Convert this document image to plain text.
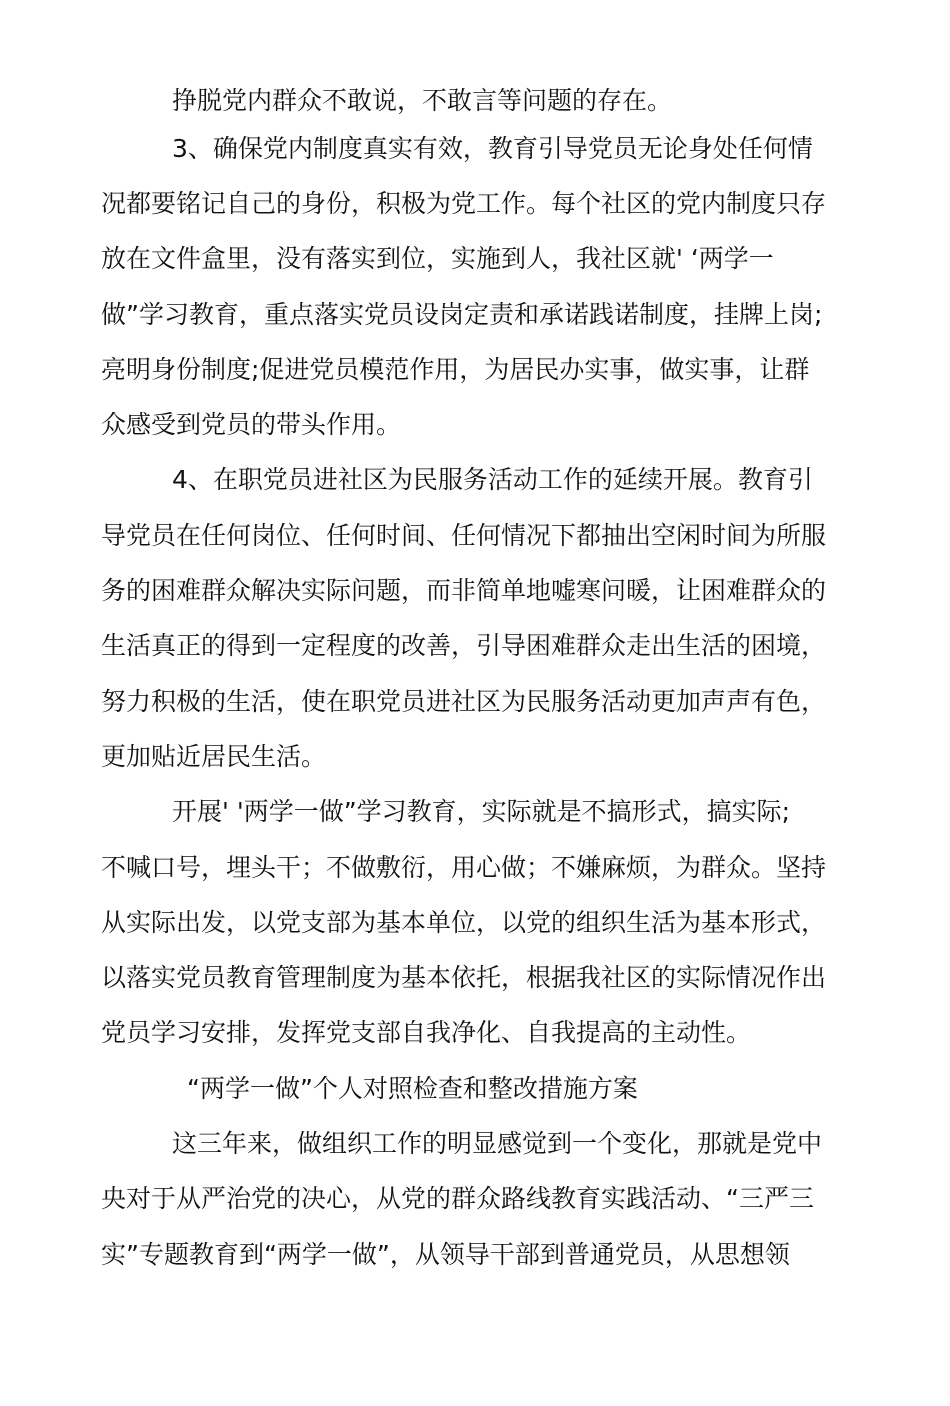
挣脱党内群众不敢说，不敢言等问题的存在。
3、确保党内制度真实有效，教育引导党员无论身处任何情
况都要铭记自己的身份，积极为党工作。每个社区的党内制度只存
放在文件盒里，没有落实到位，实施到人，我社区就' ‘两学一
做”学习教育，重点落实党员设岗定责和承诺践诺制度，挂牌上岗;
亮明身份制度;促进党员模范作用，为居民办实事，做实事，让群
众感受到党员的带头作用。
4、在职党员进社区为民服务活动工作的延续开展。教育引
导党员在任何岗位、任何时间、任何情况下都抽出空闲时间为所服
务的困难群众解决实际问题，而非简单地嘘寒问暖，让困难群众的
生活真正的得到一定程度的改善，引导困难群众走出生活的困境，
努力积极的生活，使在职党员进社区为民服务活动更加声声有色，
更加贴近居民生活。
开展' '两学一做”学习教育，实际就是不搞形式，搞实际;
不喊口号，埋头干；不做敷衍，用心做；不嫌麻烦，为群众。坚持
从实际出发，以党支部为基本单位，以党的组织生活为基本形式，
以落实党员教育管理制度为基本依托，根据我社区的实际情况作出
党员学习安排，发挥党支部自我净化、自我提高的主动性。
“两学一做”个人对照检查和整改措施方案
这三年来，做组织工作的明显感觉到一个变化，那就是党中
央对于从严治党的决心，从党的群众路线教育实践活动、“三严三
实”专题教育到“两学一做”，从领导干部到普通党员，从思想领
